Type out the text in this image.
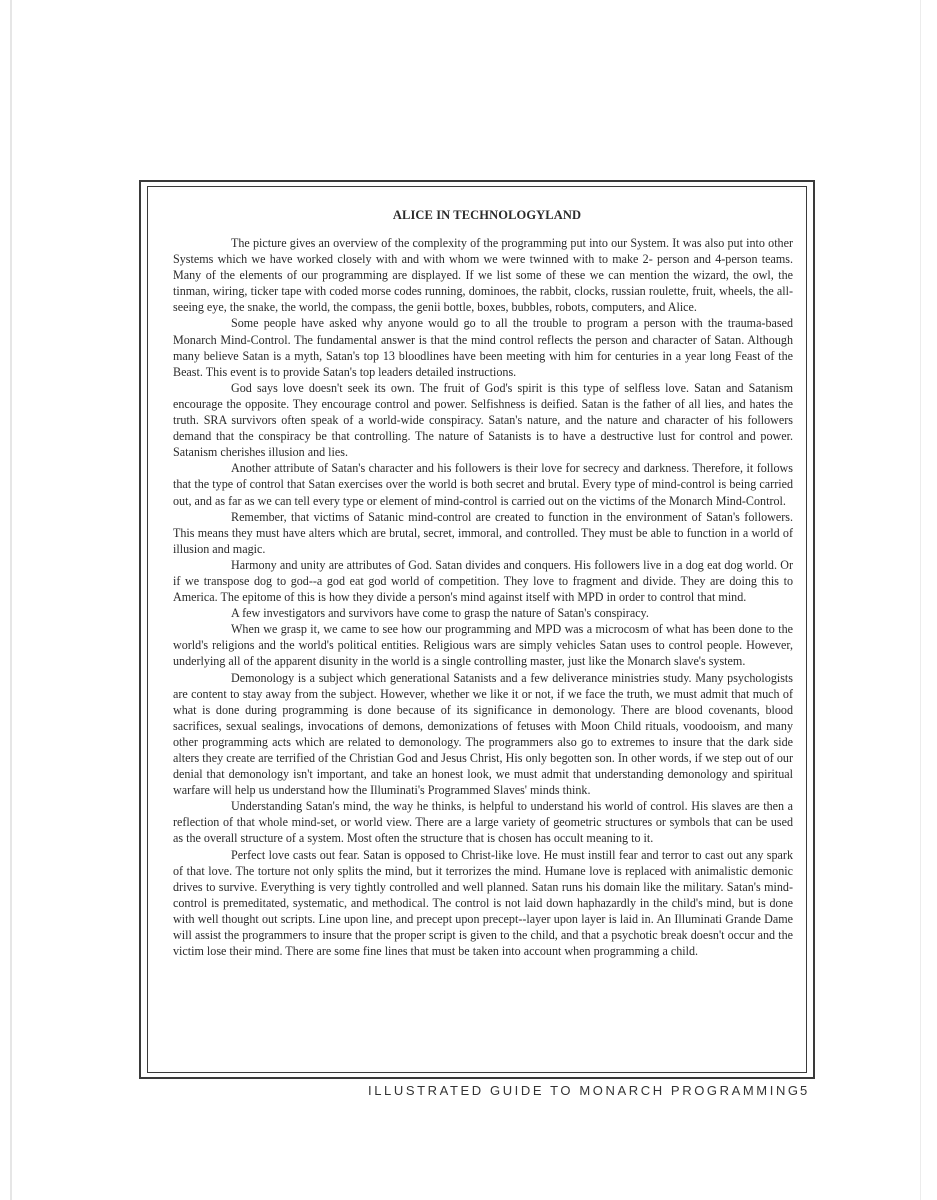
ALICE IN TECHNOLOGYLAND

The picture gives an overview of the complexity of the programming put into our System. It was also put into other Systems which we have worked closely with and with whom we were twinned with to make 2- person and 4-person teams. Many of the elements of our programming are displayed. If we list some of these we can mention the wizard, the owl, the tinman, wiring, ticker tape with coded morse codes running, dominoes, the rabbit, clocks, russian roulette, fruit, wheels, the all-seeing eye, the snake, the world, the compass, the genii bottle, boxes, bubbles, robots, computers, and Alice.

Some people have asked why anyone would go to all the trouble to program a person with the trauma-based Monarch Mind-Control. The fundamental answer is that the mind control reflects the person and character of Satan. Although many believe Satan is a myth, Satan's top 13 bloodlines have been meeting with him for centuries in a year long Feast of the Beast. This event is to provide Satan's top leaders detailed instructions.

God says love doesn't seek its own. The fruit of God's spirit is this type of selfless love. Satan and Satanism encourage the opposite. They encourage control and power. Selfishness is deified. Satan is the father of all lies, and hates the truth. SRA survivors often speak of a world-wide conspiracy. Satan's nature, and the nature and character of his followers demand that the conspiracy be that controlling. The nature of Satanists is to have a destructive lust for control and power. Satanism cherishes illusion and lies.

Another attribute of Satan's character and his followers is their love for secrecy and darkness. Therefore, it follows that the type of control that Satan exercises over the world is both secret and brutal. Every type of mind-control is being carried out, and as far as we can tell every type or element of mind-control is carried out on the victims of the Monarch Mind-Control.

Remember, that victims of Satanic mind-control are created to function in the environment of Satan's followers. This means they must have alters which are brutal, secret, immoral, and controlled. They must be able to function in a world of illusion and magic.

Harmony and unity are attributes of God. Satan divides and conquers. His followers live in a dog eat dog world. Or if we transpose dog to god--a god eat god world of competition. They love to fragment and divide. They are doing this to America. The epitome of this is how they divide a person's mind against itself with MPD in order to control that mind.

A few investigators and survivors have come to grasp the nature of Satan's conspiracy.

When we grasp it, we came to see how our programming and MPD was a microcosm of what has been done to the world's religions and the world's political entities. Religious wars are simply vehicles Satan uses to control people. However, underlying all of the apparent disunity in the world is a single controlling master, just like the Monarch slave's system.

Demonology is a subject which generational Satanists and a few deliverance ministries study. Many psychologists are content to stay away from the subject. However, whether we like it or not, if we face the truth, we must admit that much of what is done during programming is done because of its significance in demonology. There are blood covenants, blood sacrifices, sexual sealings, invocations of demons, demonizations of fetuses with Moon Child rituals, voodooism, and many other programming acts which are related to demonology. The programmers also go to extremes to insure that the dark side alters they create are terrified of the Christian God and Jesus Christ, His only begotten son. In other words, if we step out of our denial that demonology isn't important, and take an honest look, we must admit that understanding demonology and spiritual warfare will help us understand how the Illuminati's Programmed Slaves' minds think.

Understanding Satan's mind, the way he thinks, is helpful to understand his world of control. His slaves are then a reflection of that whole mind-set, or world view. There are a large variety of geometric structures or symbols that can be used as the overall structure of a system. Most often the structure that is chosen has occult meaning to it.

Perfect love casts out fear. Satan is opposed to Christ-like love. He must instill fear and terror to cast out any spark of that love. The torture not only splits the mind, but it terrorizes the mind. Humane love is replaced with animalistic demonic drives to survive. Everything is very tightly controlled and well planned. Satan runs his domain like the military. Satan's mind-control is premeditated, systematic, and methodical. The control is not laid down haphazardly in the child's mind, but is done with well thought out scripts. Line upon line, and precept upon precept--layer upon layer is laid in. An Illuminati Grande Dame will assist the programmers to insure that the proper script is given to the child, and that a psychotic break doesn't occur and the victim lose their mind. There are some fine lines that must be taken into account when programming a child.

ILLUSTRATED GUIDE TO MONARCH PROGRAMMING 5
